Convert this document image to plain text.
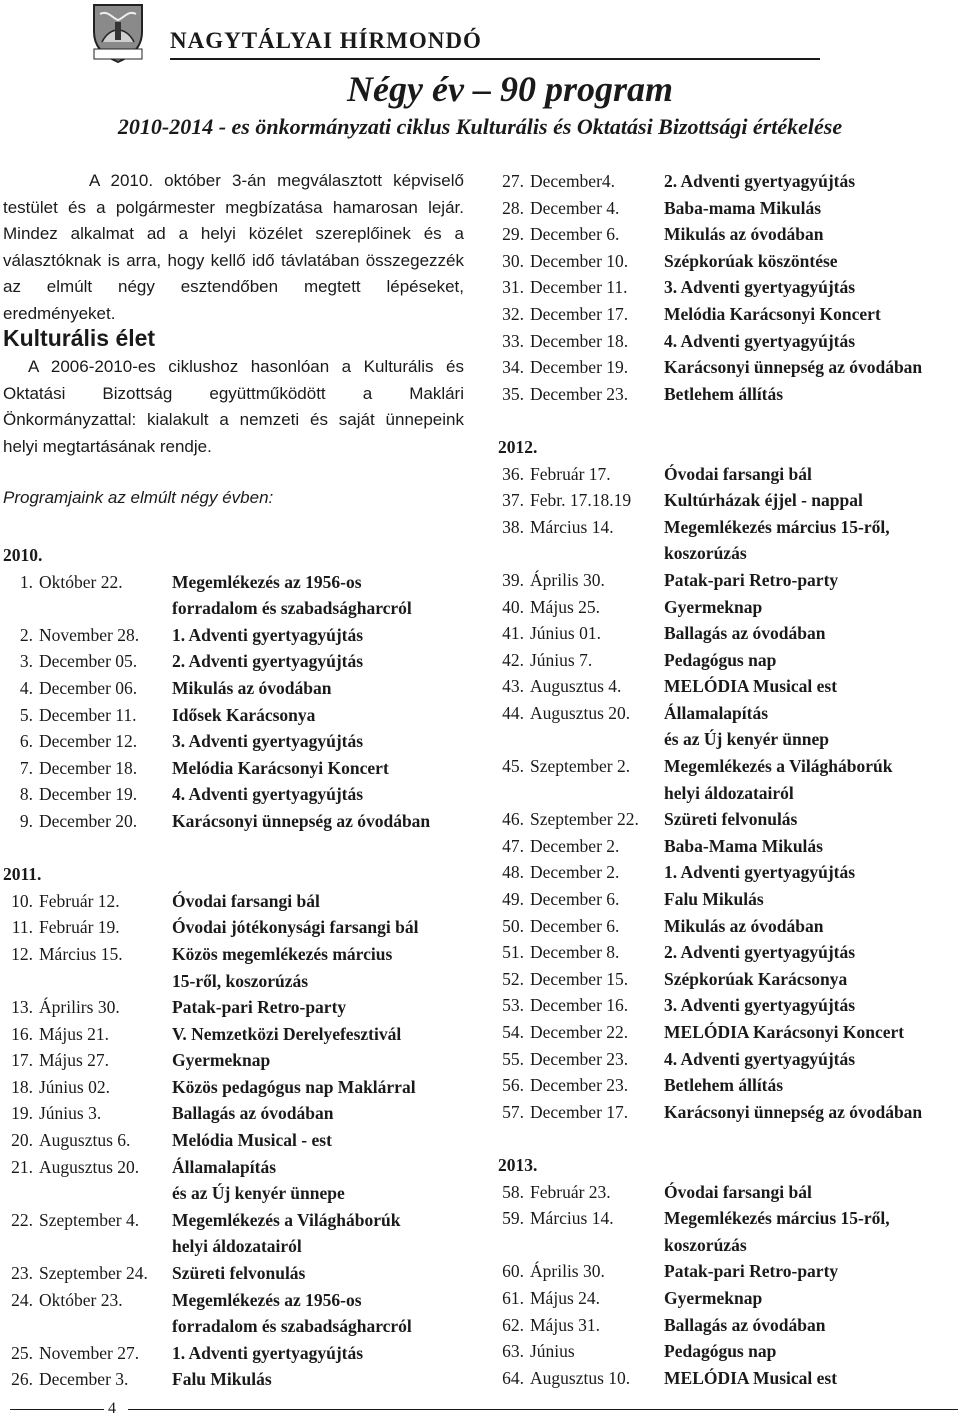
NAGYTÁLYAI HÍRMONDÓ
Négy év – 90 program
2010-2014 - es önkormányzati ciklus Kulturális és Oktatási Bizottsági értékelése

A 2010. október 3-án megválasztott képviselő testület és a polgármester megbízatása hamarosan lejár. Mindez alkalmat ad a helyi közélet szereplőinek és a választóknak is arra, hogy kellő idő távlatában összegezzék az elmúlt négy esztendőben megtett lépéseket, eredményeket.

Kulturális élet

A 2006-2010-es ciklushoz hasonlóan a Kulturális és Oktatási Bizottság együttműködött a Maklári Önkormányzattal: kialakult a nemzeti és saját ünnepeink helyi megtartásának rendje.

Programjaink az elmúlt négy évben:
2010.
1. Október 22.	Megemlékezés az 1956-os
forradalom és szabadságharcról
2. November 28.	1. Adventi gyertyagyújtás
3. December 05.	2. Adventi gyertyagyújtás
4. December 06.	Mikulás az óvodában
5. December 11.	Idősek Karácsonya
6. December 12.	3. Adventi gyertyagyújtás
7. December 18.	Melódia Karácsonyi Koncert
8. December 19.	4. Adventi gyertyagyújtás
9. December 20.	Karácsonyi ünnepség az óvodában
2011.
10. Február 12.	Óvodai farsangi bál
11. Február 19.	Óvodai jótékonysági farsangi bál
12. Március 15.	Közös megemlékezés március
15-ről, koszorúzás
13. Áprilirs 30.	Patak-pari Retro-party
16. Május 21.	V. Nemzetközi Derelyefesztivál
17. Május 27.	Gyermeknap
18. Június 02.	Közös pedagógus nap Maklárral
19. Június 3.	Ballagás az óvodában
20. Augusztus 6.	Melódia Musical - est
21. Augusztus 20.	Államalapítás
és az Új kenyér ünnepe
22. Szeptember 4.	Megemlékezés a Világháborúk
helyi áldozatairól
23. Szeptember 24.	Szüreti felvonulás
24. Október 23.	Megemlékezés az 1956-os
forradalom és szabadságharcról
25. November 27.	1. Adventi gyertyagyújtás
26. December 3.	Falu Mikulás
27. December4.	2. Adventi gyertyagyújtás
28. December 4.	Baba-mama Mikulás
29. December 6.	Mikulás az óvodában
30. December 10.	Szépkorúak köszöntése
31. December 11.	3. Adventi gyertyagyújtás
32. December 17.	Melódia Karácsonyi Koncert
33. December 18.	4. Adventi gyertyagyújtás
34. December 19.	Karácsonyi ünnepség az óvodában
35. December 23.	Betlehem állítás
2012.
36. Február 17.	Óvodai farsangi bál
37. Febr. 17.18.19	Kultúrházak éjjel - nappal
38. Március 14.	Megemlékezés március 15-ről,
koszorúzás
39. Április 30.	Patak-pari Retro-party
40. Május 25.	Gyermeknap
41. Június 01.	Ballagás az óvodában
42. Június 7.	Pedagógus nap
43. Augusztus 4.	MELÓDIA Musical est
44. Augusztus 20.	Államalapítás
és az Új kenyér ünnep
45. Szeptember 2.	Megemlékezés a Világháborúk
helyi áldozatairól
46. Szeptember 22.	Szüreti felvonulás
47. December 2.	Baba-Mama Mikulás
48. December 2.	1. Adventi gyertyagyújtás
49. December 6.	Falu Mikulás
50. December 6.	Mikulás az óvodában
51. December 8.	2. Adventi gyertyagyújtás
52. December 15.	Szépkorúak Karácsonya
53. December 16.	3. Adventi gyertyagyújtás
54. December 22.	MELÓDIA Karácsonyi Koncert
55. December 23.	4. Adventi gyertyagyújtás
56. December 23.	Betlehem állítás
57. December 17.	Karácsonyi ünnepség az óvodában
2013.
58. Február 23.	Óvodai farsangi bál
59. Március 14.	Megemlékezés március 15-ről,
koszorúzás
60. Április 30.	Patak-pari Retro-party
61. Május 24.	Gyermeknap
62. Május 31.	Ballagás az óvodában
63. Június	Pedagógus nap
64. Augusztus 10.	MELÓDIA Musical est
4
